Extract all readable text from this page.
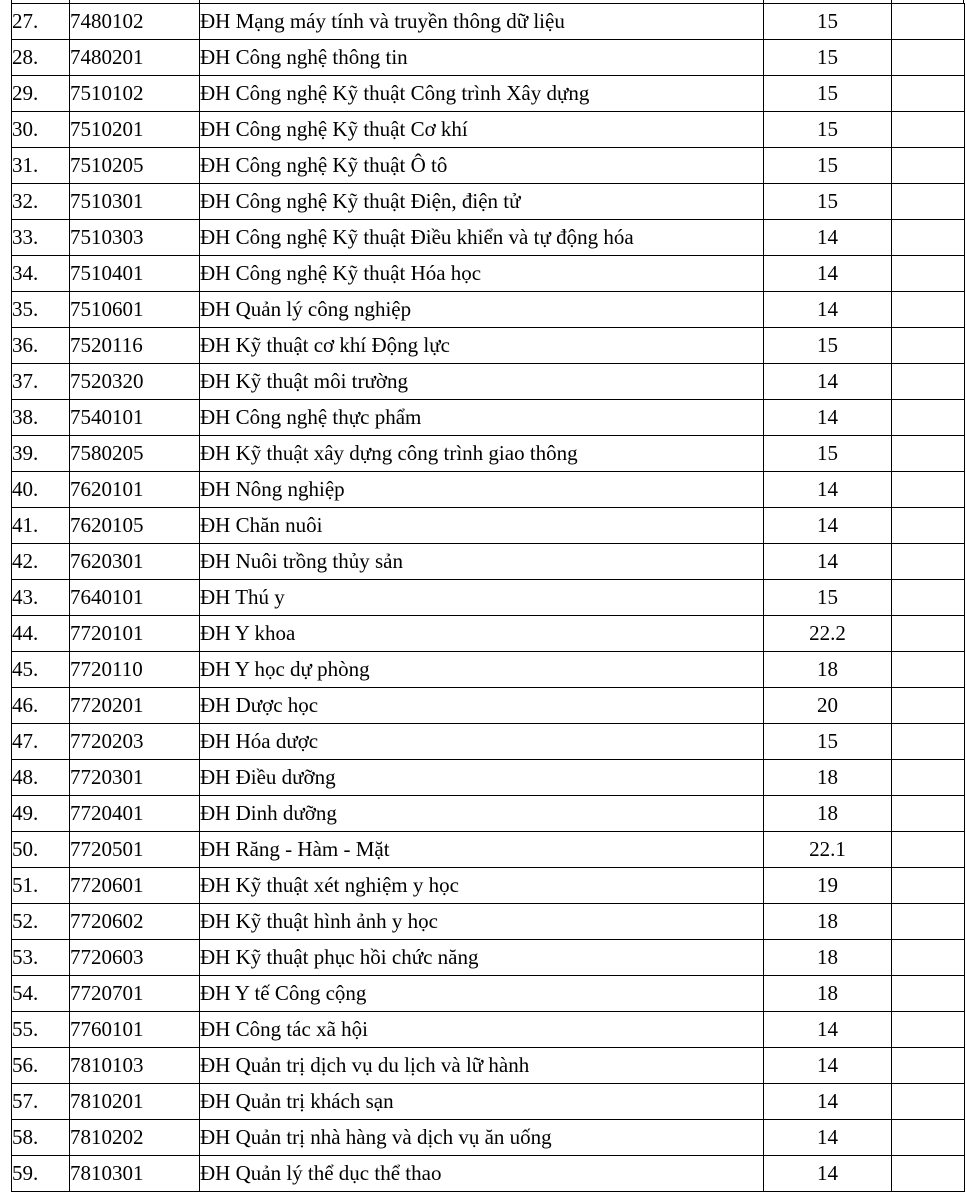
27.	7480102	ĐH Mạng máy tính và truyền thông dữ liệu	15	
28.	7480201	ĐH Công nghệ thông tin	15	
29.	7510102	ĐH Công nghệ Kỹ thuật Công trình Xây dựng	15	
30.	7510201	ĐH Công nghệ Kỹ thuật Cơ khí	15	
31.	7510205	ĐH Công nghệ Kỹ thuật Ô tô	15	
32.	7510301	ĐH Công nghệ Kỹ thuật Điện, điện tử	15	
33.	7510303	ĐH Công nghệ Kỹ thuật Điều khiển và tự động hóa	14	
34.	7510401	ĐH Công nghệ Kỹ thuật Hóa học	14	
35.	7510601	ĐH Quản lý công nghiệp	14	
36.	7520116	ĐH Kỹ thuật cơ khí Động lực	15	
37.	7520320	ĐH Kỹ thuật môi trường	14	
38.	7540101	ĐH Công nghệ thực phẩm	14	
39.	7580205	ĐH Kỹ thuật xây dựng công trình giao thông	15	
40.	7620101	ĐH Nông nghiệp	14	
41.	7620105	ĐH Chăn nuôi	14	
42.	7620301	ĐH Nuôi trồng thủy sản	14	
43.	7640101	ĐH Thú y	15	
44.	7720101	ĐH Y khoa	22.2	
45.	7720110	ĐH Y học dự phòng	18	
46.	7720201	ĐH Dược học	20	
47.	7720203	ĐH Hóa dược	15	
48.	7720301	ĐH Điều dưỡng	18	
49.	7720401	ĐH Dinh dưỡng	18	
50.	7720501	ĐH Răng - Hàm - Mặt	22.1	
51.	7720601	ĐH Kỹ thuật xét nghiệm y học	19	
52.	7720602	ĐH Kỹ thuật hình ảnh y học	18	
53.	7720603	ĐH Kỹ thuật phục hồi chức năng	18	
54.	7720701	ĐH Y tế Công cộng	18	
55.	7760101	ĐH Công tác xã hội	14	
56.	7810103	ĐH Quản trị dịch vụ du lịch và lữ hành	14	
57.	7810201	ĐH Quản trị khách sạn	14	
58.	7810202	ĐH Quản trị nhà hàng và dịch vụ ăn uống	14	
59.	7810301	ĐH Quản lý thể dục thể thao	14	
